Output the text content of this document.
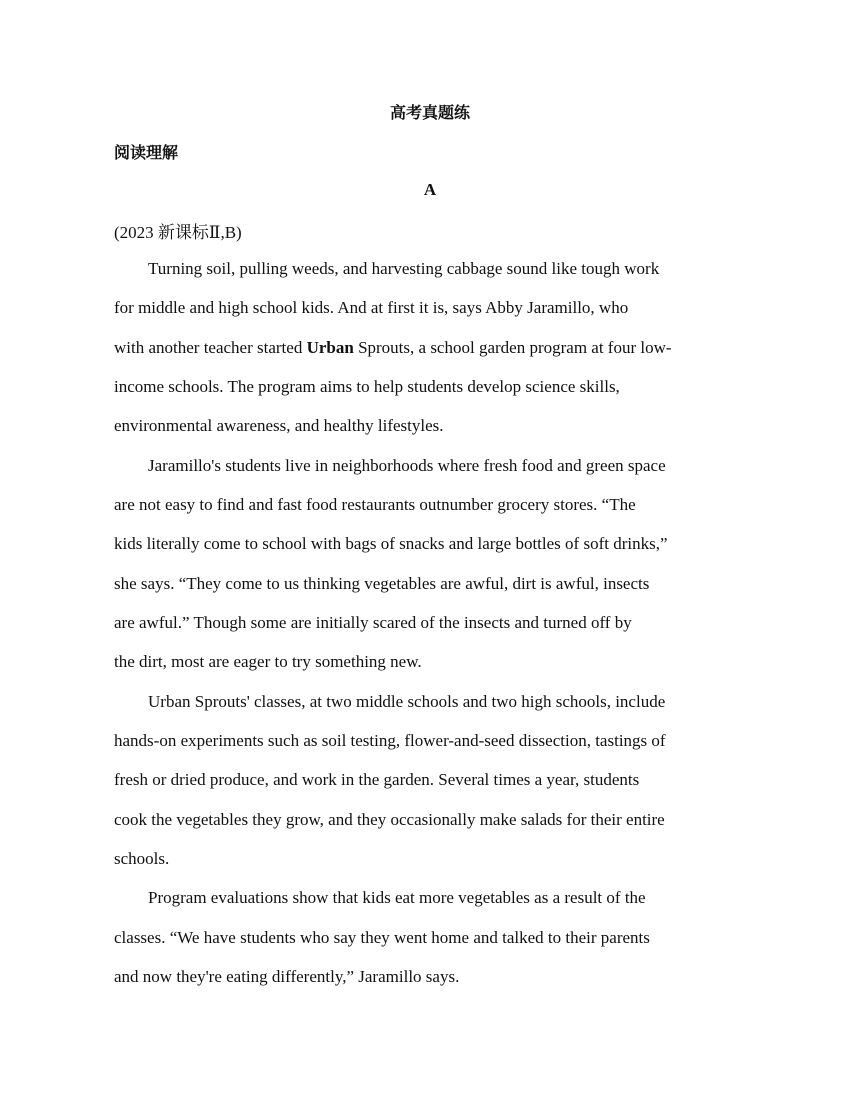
高考真题练
阅读理解
A
(2023 新课标Ⅱ,B)
Turning soil, pulling weeds, and harvesting cabbage sound like tough work
for middle and high school kids. And at first it is, says Abby Jaramillo, who
with another teacher started Urban Sprouts, a school garden program at four low-
income schools. The program aims to help students develop science skills,
environmental awareness, and healthy lifestyles.
Jaramillo's students live in neighborhoods where fresh food and green space
are not easy to find and fast food restaurants outnumber grocery stores. “The
kids literally come to school with bags of snacks and large bottles of soft drinks,”
she says. “They come to us thinking vegetables are awful, dirt is awful, insects
are awful.” Though some are initially scared of the insects and turned off by
the dirt, most are eager to try something new.
Urban Sprouts' classes, at two middle schools and two high schools, include
hands-on experiments such as soil testing, flower-and-seed dissection, tastings of
fresh or dried produce, and work in the garden. Several times a year, students
cook the vegetables they grow, and they occasionally make salads for their entire
schools.
Program evaluations show that kids eat more vegetables as a result of the
classes. “We have students who say they went home and talked to their parents
and now they're eating differently,” Jaramillo says.
